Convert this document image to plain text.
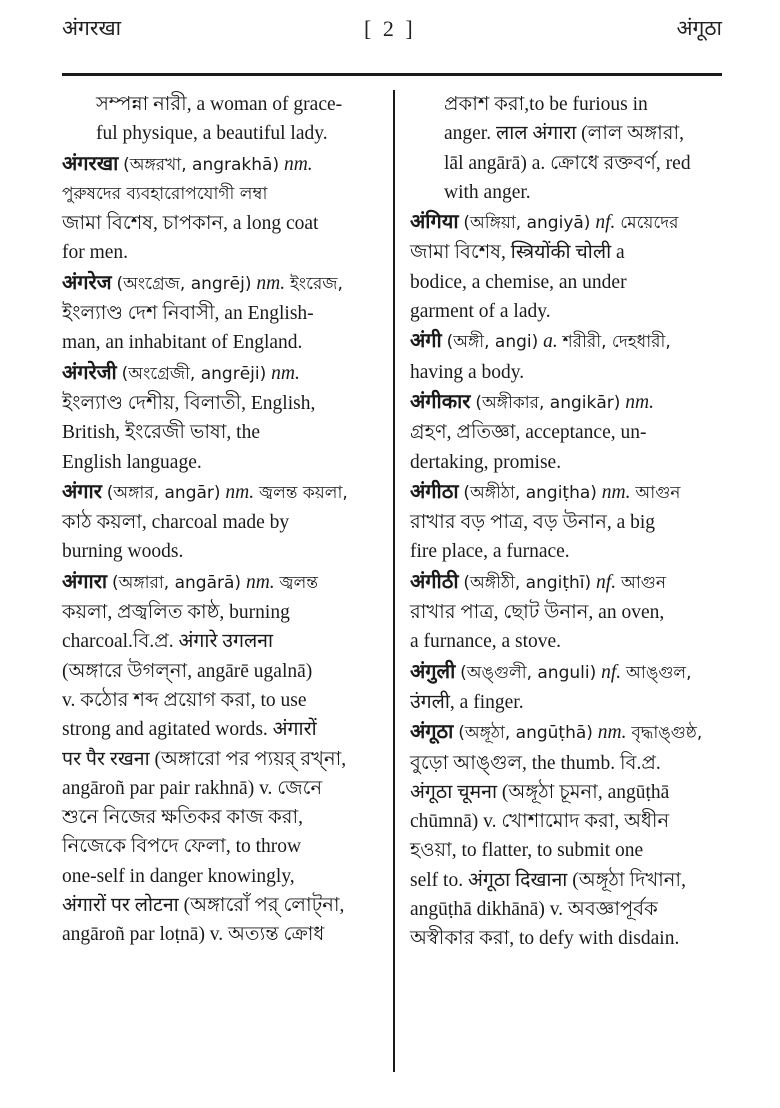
अंगरखा	[ 2 ]	अंगूठा
সম্পন্না নারী, a woman of grace-
ful physique, a beautiful lady.
अंगरखा (অঙ্গরখা, angrakhā) nm.
পুরুষদের ব্যবহারোপযোগী লম্বা
জামা বিশেষ, চাপকান, a long coat
for men.
अंगरेज (অংগ্রেজ, angrēj) nm. ইংরেজ,
ইংল্যাণ্ড দেশ নিবাসী, an English-
man, an inhabitant of England.
अंगरेजी (অংগ্রেজী, angrēji) nm.
ইংল্যাণ্ড দেশীয়, বিলাতী, English,
British, ইংরেজী ভাষা, the
English language.
अंगार (অঙ্গার, angār) nm. জ্বলন্ত কয়লা,
কাঠ কয়লা, charcoal made by
burning woods.
अंगारा (অঙ্গারা, angārā) nm. জ্বলন্ত
কয়লা, প্রজ্বলিত কাষ্ঠ, burning
charcoal.বি.প্র. अंगारे उगलना
(অঙ্গারে উগল্না, angārē ugalnā)
v. কঠোর শব্দ প্রয়োগ করা, to use
strong and agitated words. अंगारों
पर पैर रखना (অঙ্গারো পর প্যয়র্ রখ্না,
angāroñ par pair rakhnā) v. জেনে
শুনে নিজের ক্ষতিকর কাজ করা,
নিজেকে বিপদে ফেলা, to throw
one-self in danger knowingly,
अंगारों पर लोटना (অঙ্গারোঁ পর্ লোট্না,
angāroñ par loṭnā) v. অত্যন্ত ক্রোধ
প্রকাশ করা,to be furious in
anger. लाल अंगारा (লাল অঙ্গারা,
lāl angārā) a. ক্রোধে রক্তবর্ণ, red
with anger.
अंगिया (অঙ্গিয়া, angiyā) nf. মেয়েদের
জামা বিশেষ, स्त्रियोंकी चोली a
bodice, a chemise, an under
garment of a lady.
अंगी (অঙ্গী, angi) a. শরীরী, দেহধারী,
having a body.
अंगीकार (অঙ্গীকার, angikār) nm.
গ্রহণ, প্রতিজ্ঞা, acceptance, un-
dertaking, promise.
अंगीठा (অঙ্গীঠা, angiṭha) nm. আগুন
রাখার বড় পাত্র, বড় উনান, a big
fire place, a furnace.
अंगीठी (অঙ্গীঠী, angiṭhī) nf. আগুন
রাখার পাত্র, ছোট উনান, an oven,
a furnance, a stove.
अंगुली (অঙ্গুলী, anguli) nf. আঙ্গুল,
उंगली, a finger.
अंगूठा (অঙ্গূঠা, angūṭhā) nm. বৃদ্ধাঙ্গুষ্ঠ,
বুড়ো আঙ্গুল, the thumb. বি.প্র.
अंगूठा चूमना (অঙ্গূঠা চূমনা, angūṭhā
chūmnā) v. খোশামোদ করা, অধীন
হওয়া, to flatter, to submit one
self to. अंगूठा दिखाना (অঙ্গূঠা দিখানা,
angūṭhā dikhānā) v. অবজ্ঞাপূর্বক
অস্বীকার করা, to defy with disdain.
